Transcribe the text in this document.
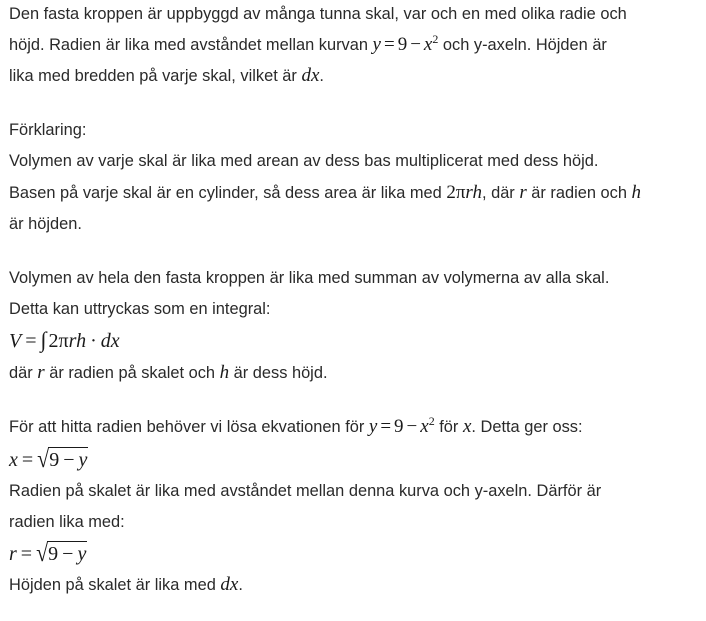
Den fasta kroppen är uppbyggd av många tunna skal, var och en med olika radie och
höjd. Radien är lika med avståndet mellan kurvan $y = 9 - x^2$ och y-axeln. Höjden är
lika med bredden på varje skal, vilket är dx.
Förklaring:
Volymen av varje skal är lika med arean av dess bas multiplicerat med dess höjd.
Basen på varje skal är en cylinder, så dess area är lika med 2πrh, där r är radien och h
är höjden.
Volymen av hela den fasta kroppen är lika med summan av volymerna av alla skal.
Detta kan uttryckas som en integral:
V = ∫ 2πrh · dx
där r är radien på skalet och h är dess höjd.
För att hitta radien behöver vi lösa ekvationen för $y = 9 - x^2$ för x. Detta ger oss:
x = √9 − y
Radien på skalet är lika med avståndet mellan denna kurva och y-axeln. Därför är
radien lika med:
r = √9 − y
Höjden på skalet är lika med dx.
